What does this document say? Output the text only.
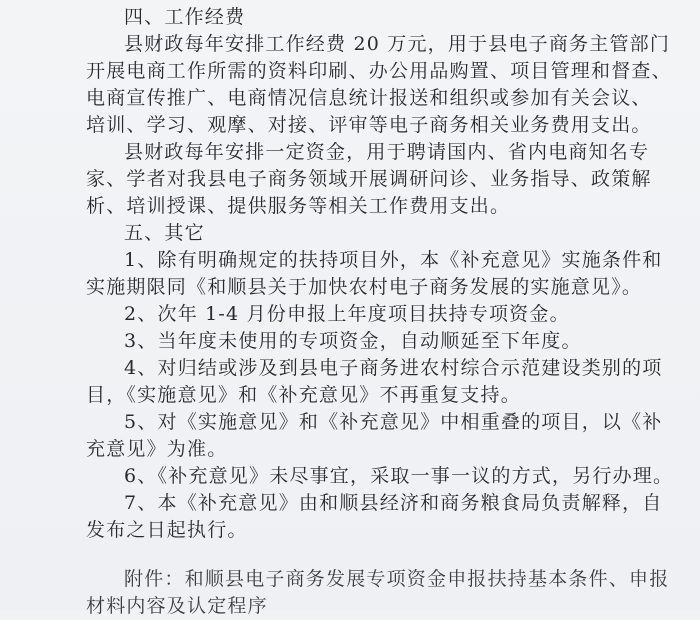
四、工作经费
县财政每年安排工作经费 20 万元，用于县电子商务主管部门
开展电商工作所需的资料印刷、办公用品购置、项目管理和督查、
电商宣传推广、电商情况信息统计报送和组织或参加有关会议、
培训、学习、观摩、对接、评审等电子商务相关业务费用支出。
县财政每年安排一定资金，用于聘请国内、省内电商知名专
家、学者对我县电子商务领域开展调研问诊、业务指导、政策解
析、培训授课、提供服务等相关工作费用支出。
五、其它
1、除有明确规定的扶持项目外，本《补充意见》实施条件和
实施期限同《和顺县关于加快农村电子商务发展的实施意见》。
2、次年 1-4 月份申报上年度项目扶持专项资金。
3、当年度未使用的专项资金，自动顺延至下年度。
4、对归结或涉及到县电子商务进农村综合示范建设类别的项
目，《实施意见》和《补充意见》不再重复支持。
5、对《实施意见》和《补充意见》中相重叠的项目，以《补
充意见》为准。
6、《补充意见》未尽事宜，采取一事一议的方式，另行办理。
7、本《补充意见》由和顺县经济和商务粮食局负责解释，自
发布之日起执行。
附件：和顺县电子商务发展专项资金申报扶持基本条件、申报
材料内容及认定程序
